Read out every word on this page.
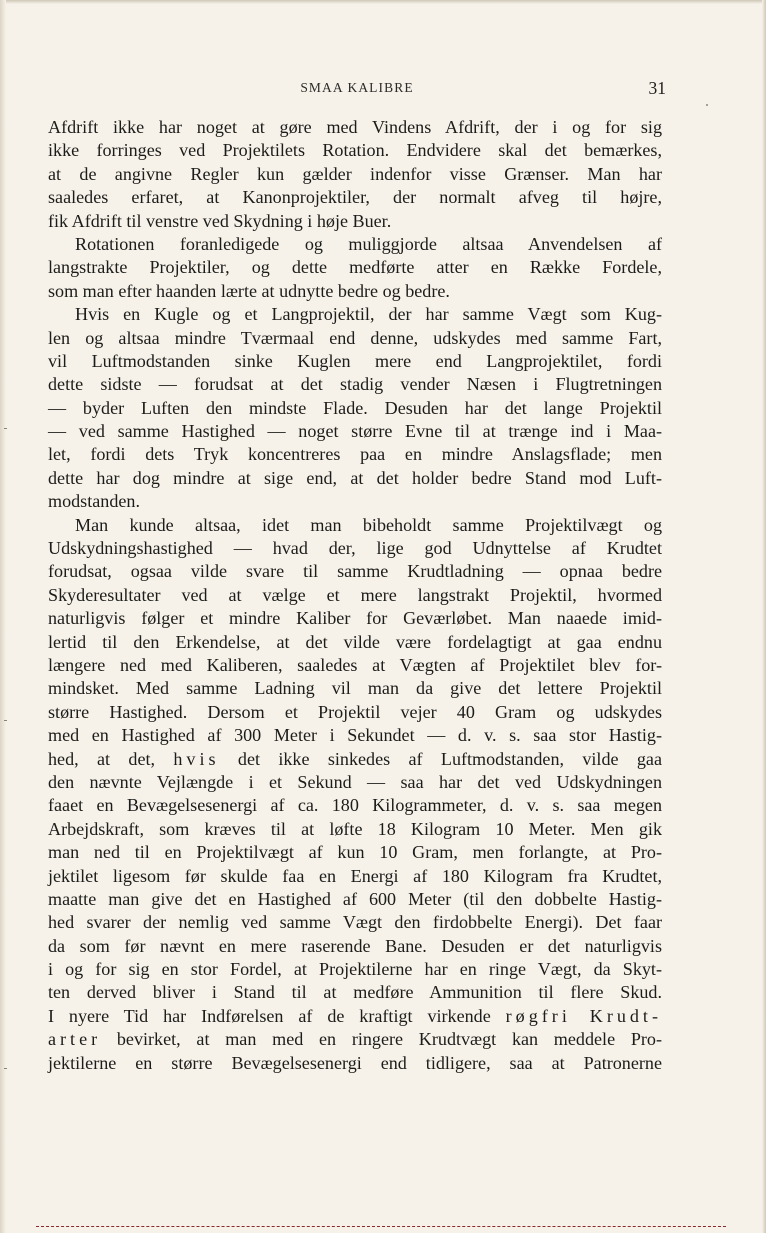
SMAA KALIBRE	31
Afdrift ikke har noget at gøre med Vindens Afdrift, der i og for sig
ikke forringes ved Projektilets Rotation. Endvidere skal det bemærkes,
at de angivne Regler kun gælder indenfor visse Grænser. Man har
saaledes erfaret, at Kanonprojektiler, der normalt afveg til højre,
fik Afdrift til venstre ved Skydning i høje Buer.
Rotationen foranledigede og muliggjorde altsaa Anvendelsen af
langstrakte Projektiler, og dette medførte atter en Række Fordele,
som man efter haanden lærte at udnytte bedre og bedre.
Hvis en Kugle og et Langprojektil, der har samme Vægt som Kug-
len og altsaa mindre Tværmaal end denne, udskydes med samme Fart,
vil Luftmodstanden sinke Kuglen mere end Langprojektilet, fordi
dette sidste — forudsat at det stadig vender Næsen i Flugtretningen
— byder Luften den mindste Flade. Desuden har det lange Projektil
— ved samme Hastighed — noget større Evne til at trænge ind i Maa-
let, fordi dets Tryk koncentreres paa en mindre Anslagsflade; men
dette har dog mindre at sige end, at det holder bedre Stand mod Luft-
modstanden.
Man kunde altsaa, idet man bibeholdt samme Projektilvægt og
Udskydningshastighed — hvad der, lige god Udnyttelse af Krudtet
forudsat, ogsaa vilde svare til samme Krudtladning — opnaa bedre
Skyderesultater ved at vælge et mere langstrakt Projektil, hvormed
naturligvis følger et mindre Kaliber for Geværløbet. Man naaede imid-
lertid til den Erkendelse, at det vilde være fordelagtigt at gaa endnu
længere ned med Kaliberen, saaledes at Vægten af Projektilet blev for-
mindsket. Med samme Ladning vil man da give det lettere Projektil
større Hastighed. Dersom et Projektil vejer 40 Gram og udskydes
med en Hastighed af 300 Meter i Sekundet — d. v. s. saa stor Hastig-
hed, at det, hvis det ikke sinkedes af Luftmodstanden, vilde gaa
den nævnte Vejlængde i et Sekund — saa har det ved Udskydningen
faaet en Bevægelsesenergi af ca. 180 Kilogrammeter, d. v. s. saa megen
Arbejdskraft, som kræves til at løfte 18 Kilogram 10 Meter. Men gik
man ned til en Projektilvægt af kun 10 Gram, men forlangte, at Pro-
jektilet ligesom før skulde faa en Energi af 180 Kilogram fra Krudtet,
maatte man give det en Hastighed af 600 Meter (til den dobbelte Hastig-
hed svarer der nemlig ved samme Vægt den firdobbelte Energi). Det faar
da som før nævnt en mere raserende Bane. Desuden er det naturligvis
i og for sig en stor Fordel, at Projektilerne har en ringe Vægt, da Skyt-
ten derved bliver i Stand til at medføre Ammunition til flere Skud.
I nyere Tid har Indførelsen af de kraftigt virkende røgfri Krudt-
arter bevirket, at man med en ringere Krudtvægt kan meddele Pro-
jektilerne en større Bevægelsesenergi end tidligere, saa at Patronerne
